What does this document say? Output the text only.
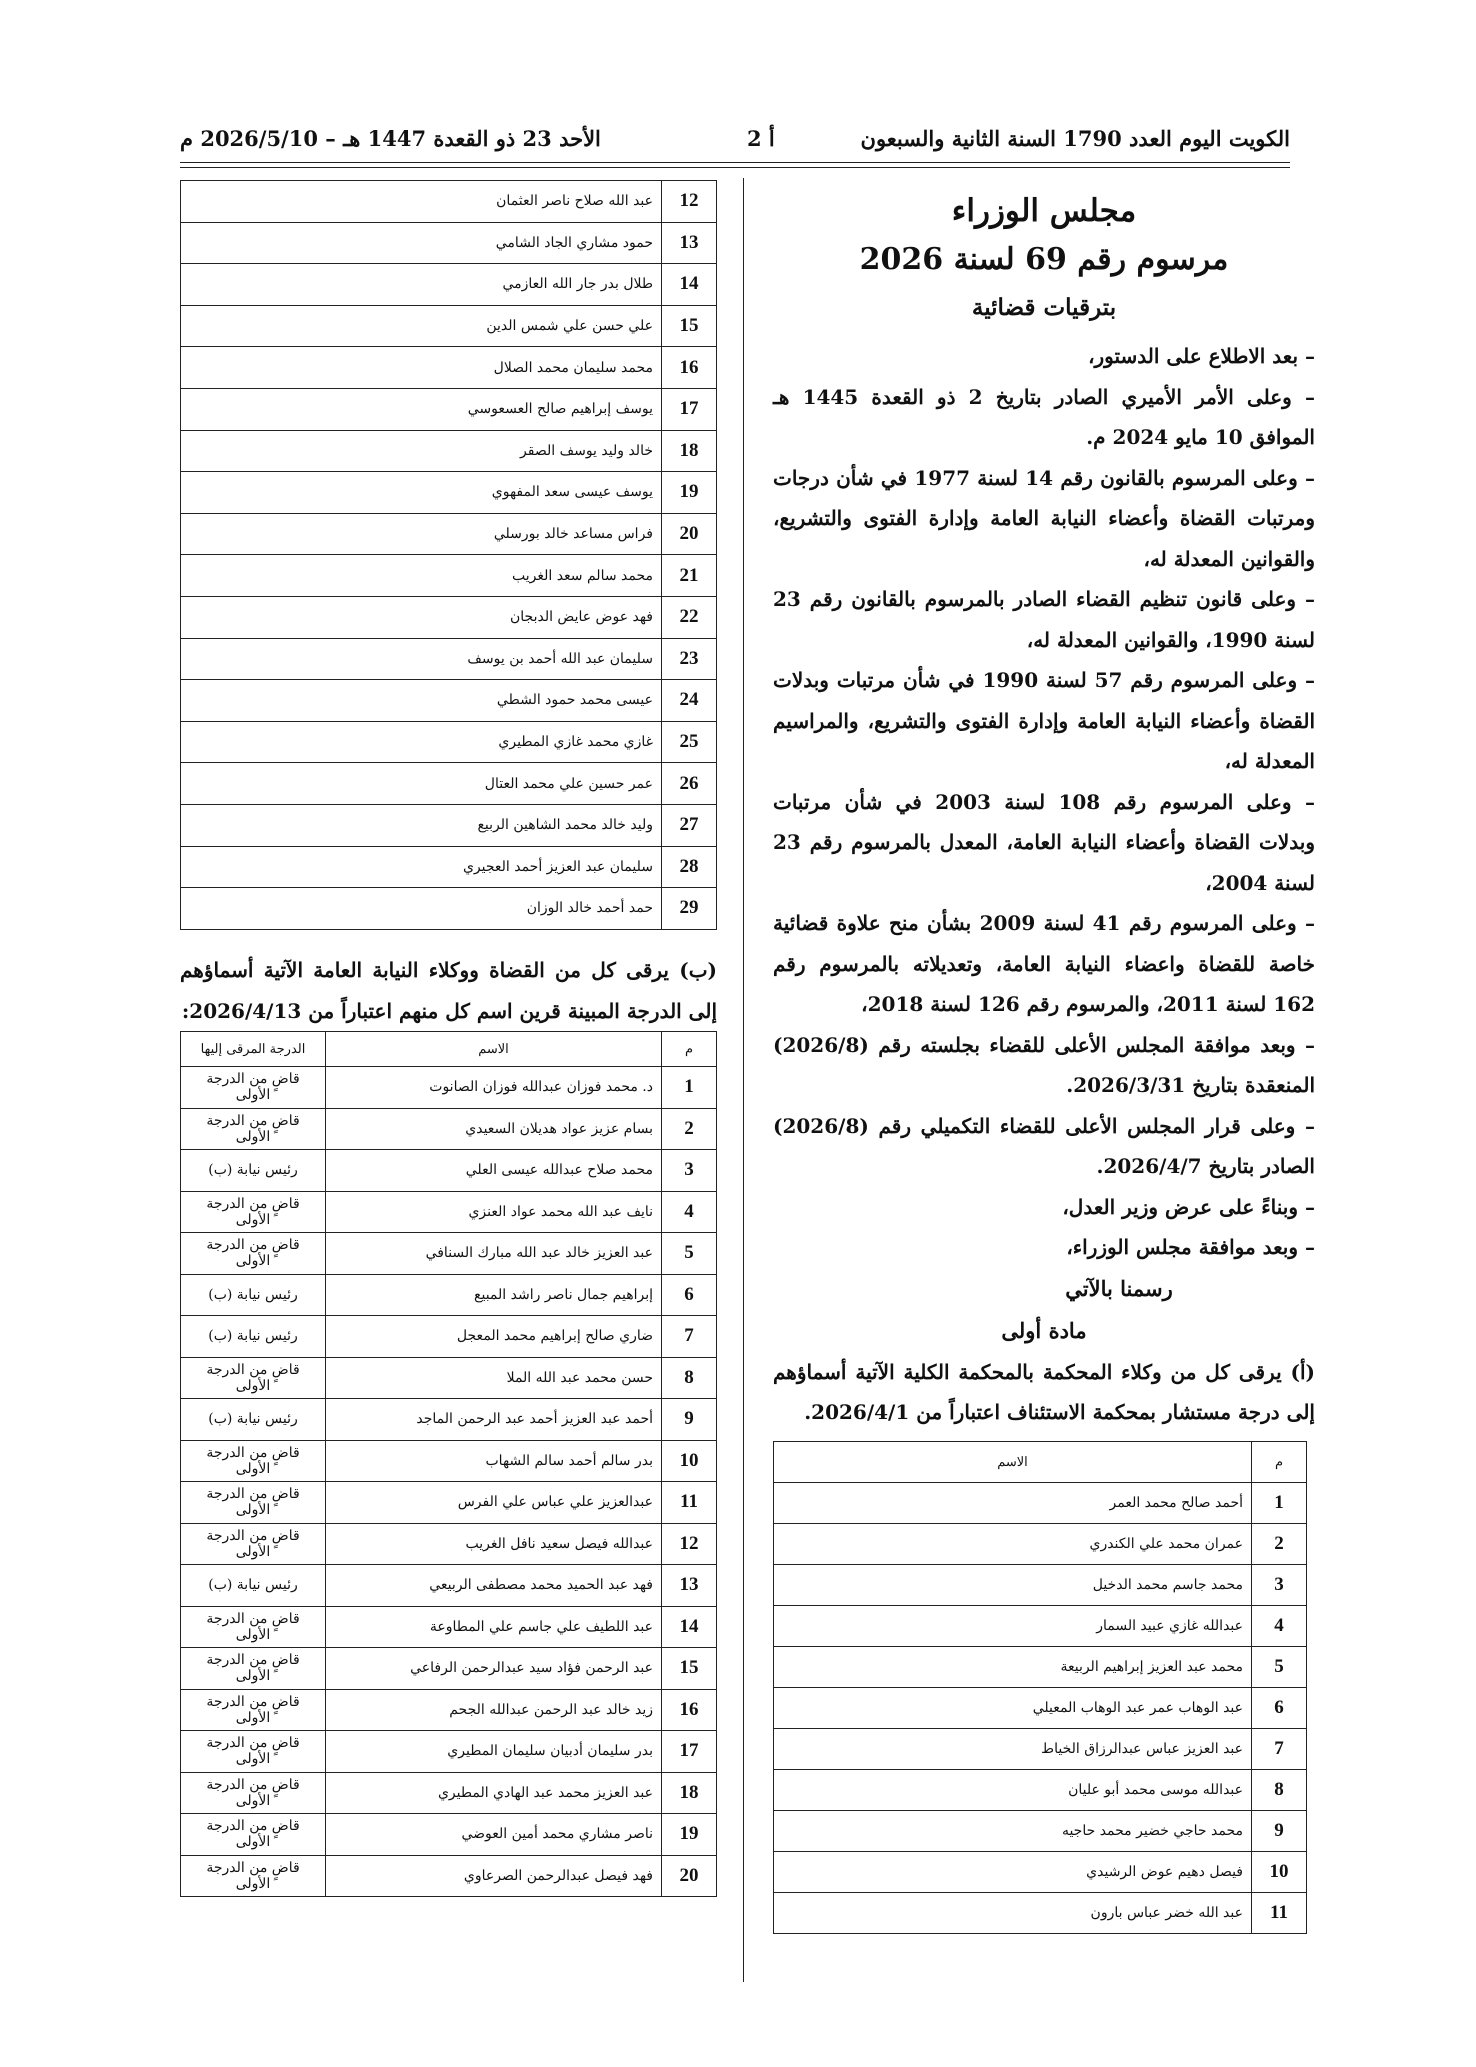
الأحد 23 ذو القعدة 1447 هـ – 2026/5/10 م	أ 2	الكويت اليوم العدد 1790 السنة الثانية والسبعون
مجلس الوزراء
مرسوم رقم 69 لسنة 2026
بترقيات قضائية

– بعد الاطلاع على الدستور،

– وعلى الأمر الأميري الصادر بتاريخ 2 ذو القعدة 1445 هـ الموافق 10 مايو 2024 م.

– وعلى المرسوم بالقانون رقم 14 لسنة 1977 في شأن درجات ومرتبات القضاة وأعضاء النيابة العامة وإدارة الفتوى والتشريع، والقوانين المعدلة له،

– وعلى قانون تنظيم القضاء الصادر بالمرسوم بالقانون رقم 23 لسنة 1990، والقوانين المعدلة له،

– وعلى المرسوم رقم 57 لسنة 1990 في شأن مرتبات وبدلات القضاة وأعضاء النيابة العامة وإدارة الفتوى والتشريع، والمراسيم المعدلة له،

– وعلى المرسوم رقم 108 لسنة 2003 في شأن مرتبات وبدلات القضاة وأعضاء النيابة العامة، المعدل بالمرسوم رقم 23 لسنة 2004،

– وعلى المرسوم رقم 41 لسنة 2009 بشأن منح علاوة قضائية خاصة للقضاة واعضاء النيابة العامة، وتعديلاته بالمرسوم رقم 162 لسنة 2011، والمرسوم رقم 126 لسنة 2018،

– وبعد موافقة المجلس الأعلى للقضاء بجلسته رقم (2026/8) المنعقدة بتاريخ 2026/3/31.

– وعلى قرار المجلس الأعلى للقضاء التكميلي رقم (2026/8) الصادر بتاريخ 2026/4/7.

– وبناءً على عرض وزير العدل،

– وبعد موافقة مجلس الوزراء،

رسمنا بالآتي

مادة أولى

(أ) يرقى كل من وكلاء المحكمة بالمحكمة الكلية الآتية أسماؤهم إلى درجة مستشار بمحكمة الاستئناف اعتباراً من 2026/4/1.

م	الاسم
1	أحمد صالح محمد العمر
2	عمران محمد علي الكندري
3	محمد جاسم محمد الدخيل
4	عبدالله غازي عبيد السمار
5	محمد عبد العزيز إبراهيم الربيعة
6	عبد الوهاب عمر عبد الوهاب المعيلي
7	عبد العزيز عباس عبدالرزاق الخياط
8	عبدالله موسى محمد أبو عليان
9	محمد حاجي خضير محمد حاجيه
10	فيصل دهيم عوض الرشيدي
11	عبد الله خضر عباس بارون
12	عبد الله صلاح ناصر العثمان
13	حمود مشاري الجاد الشامي
14	طلال بدر جار الله العازمي
15	علي حسن علي شمس الدين
16	محمد سليمان محمد الصلال
17	يوسف إبراهيم صالح العسعوسي
18	خالد وليد يوسف الصقر
19	يوسف عيسى سعد المفهوي
20	فراس مساعد خالد بورسلي
21	محمد سالم سعد الغريب
22	فهد عوض عايض الدبجان
23	سليمان عبد الله أحمد بن يوسف
24	عيسى محمد حمود الشطي
25	غازي محمد غازي المطيري
26	عمر حسين علي محمد العتال
27	وليد خالد محمد الشاهين الربيع
28	سليمان عبد العزيز أحمد العجيري
29	حمد أحمد خالد الوزان

(ب) يرقى كل من القضاة ووكلاء النيابة العامة الآتية أسماؤهم إلى الدرجة المبينة قرين اسم كل منهم اعتباراً من 2026/4/13:

م	الاسم	الدرجة المرقى إليها
1	د. محمد فوزان عبدالله فوزان الصانوت	قاضٍ من الدرجة الأولى
2	بسام عزيز عواد هديلان السعيدي	قاضٍ من الدرجة الأولى
3	محمد صلاح عبدالله عيسى العلي	رئيس نيابة (ب)
4	نايف عبد الله محمد عواد العنزي	قاضٍ من الدرجة الأولى
5	عبد العزيز خالد عبد الله مبارك السنافي	قاضٍ من الدرجة الأولى
6	إبراهيم جمال ناصر راشد المبيع	رئيس نيابة (ب)
7	ضاري صالح إبراهيم محمد المعجل	رئيس نيابة (ب)
8	حسن محمد عبد الله الملا	قاضٍ من الدرجة الأولى
9	أحمد عبد العزيز أحمد عبد الرحمن الماجد	رئيس نيابة (ب)
10	بدر سالم أحمد سالم الشهاب	قاضٍ من الدرجة الأولى
11	عبدالعزيز علي عباس علي الفرس	قاضٍ من الدرجة الأولى
12	عبدالله فيصل سعيد نافل الغريب	قاضٍ من الدرجة الأولى
13	فهد عبد الحميد محمد مصطفى الربيعي	رئيس نيابة (ب)
14	عبد اللطيف علي جاسم علي المطاوعة	قاضٍ من الدرجة الأولى
15	عبد الرحمن فؤاد سيد عبدالرحمن الرفاعي	قاضٍ من الدرجة الأولى
16	زيد خالد عبد الرحمن عبدالله الجحم	قاضٍ من الدرجة الأولى
17	بدر سليمان أدبيان سليمان المطيري	قاضٍ من الدرجة الأولى
18	عبد العزيز محمد عبد الهادي المطيري	قاضٍ من الدرجة الأولى
19	ناصر مشاري محمد أمين العوضي	قاضٍ من الدرجة الأولى
20	فهد فيصل عبدالرحمن الصرعاوي	قاضٍ من الدرجة الأولى
